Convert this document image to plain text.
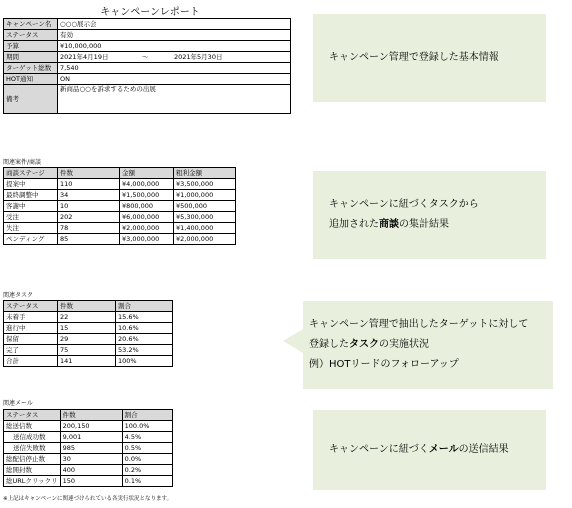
キャンペーンレポート
キャンペーン名	○○○展示会
ステータス	有効
予算	¥10,000,000
期間	2021年4月19日 ～ 2021年5月30日

ターゲット総数	7,540
HOT通知	ON
備考	新商品○○を訴求するための出展
関連案件/商談
商談ステージ	件数	金額	粗利金額
提案中	110	¥4,000,000	¥3,500,000
最終調整中	34	¥1,500,000	¥1,000,000
客謝中	10	¥800,000	¥500,000
受注	202	¥6,000,000	¥5,300,000
失注	78	¥2,000,000	¥1,400,000
ペンディング	85	¥3,000,000	¥2,000,000
関連タスク
ステータス	件数	割合
未着手	22	15.6%
進行中	15	10.6%
保留	29	20.6%
完了	75	53.2%
合計	141	100%
関連メール
ステータス	件数	割合
総送信数	200,150	100.0%
送信成功数	9,001	4.5%
送信失敗数	985	0.5%
総配信停止数	30	0.0%
総開封数	400	0.2%
総URLクリックリ	150	0.1%
※上記はキャンペーンに関連づけられている各実行状況となります。
キャンペーン管理で登録した基本情報
キャンペーンに紐づくタスクから
追加された商談の集計結果
キャンペーン管理で抽出したターゲットに対して
登録したタスクの実施状況
例）HOTリードのフォローアップ
キャンペーンに紐づくメールの送信結果
